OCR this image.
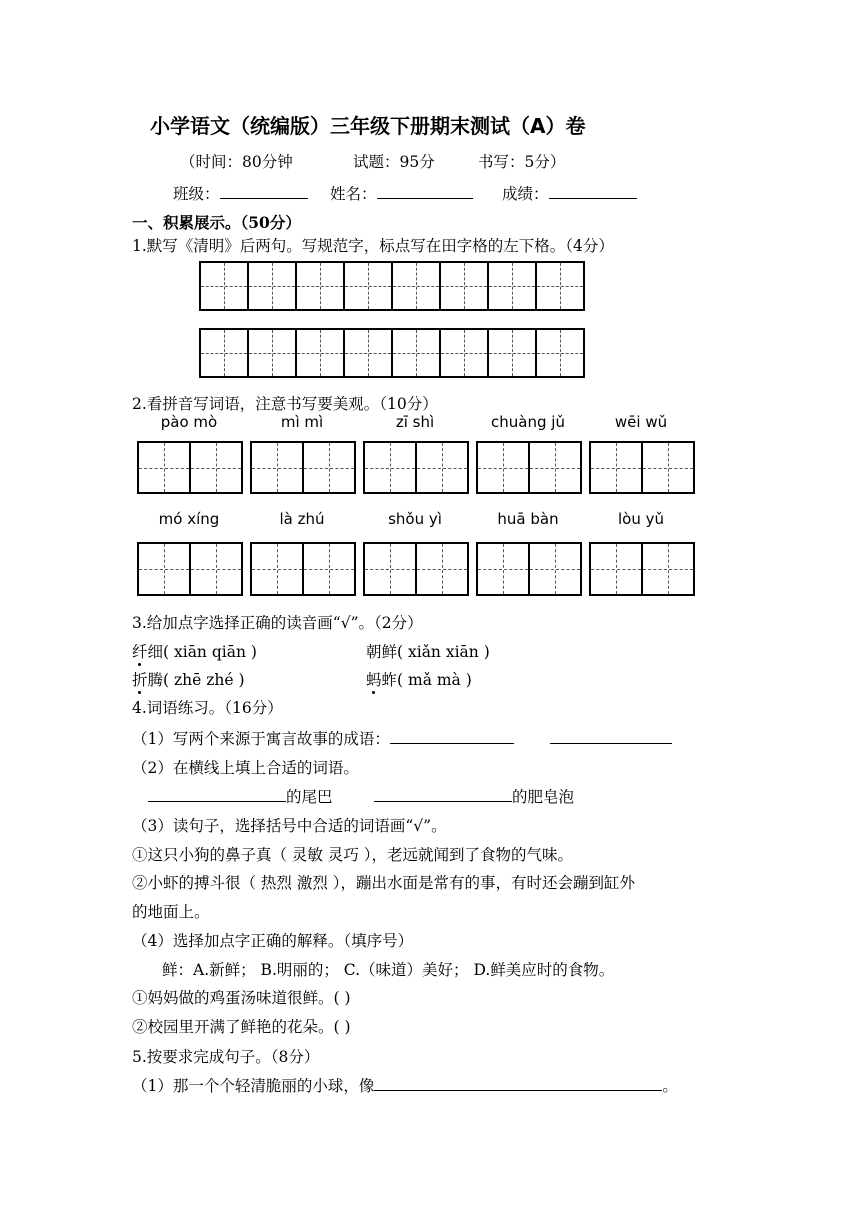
小学语文（统编版）三年级下册期末测试（A）卷
（时间：80分钟	试题：95分	书写：5分）
班级：	姓名：	成绩：
一、积累展示。（50分）
1.默写《清明》后两句。写规范字，标点写在田字格的左下格。（4分）
2.看拼音写词语，注意书写要美观。（10分）
pào mò	mì mì	zī shì	chuàng jǔ	wēi wǔ
mó xíng	là zhú	shǒu yì	huā bàn	lòu yǔ
3.给加点字选择正确的读音画“√”。（2分）
纤细( xiān qiān )	朝鲜( xiǎn xiān )
折腾( zhē zhé )	蚂蚱( mǎ mà )
4.词语练习。（16分）
（1）写两个来源于寓言故事的成语：
（2）在横线上填上合适的词语。
的尾巴	的肥皂泡
（3）读句子，选择括号中合适的词语画“√”。
①这只小狗的鼻子真（ 灵敏 灵巧 ），老远就闻到了食物的气味。
②小虾的搏斗很（ 热烈 激烈 ），蹦出水面是常有的事，有时还会蹦到缸外
的地面上。
（4）选择加点字正确的解释。（填序号）
鲜：A.新鲜； B.明丽的； C.（味道）美好； D.鲜美应时的食物。
①妈妈做的鸡蛋汤味道很鲜。( )
②校园里开满了鲜艳的花朵。( )
5.按要求完成句子。（8分）
（1）那一个个轻清脆丽的小球，像	。
